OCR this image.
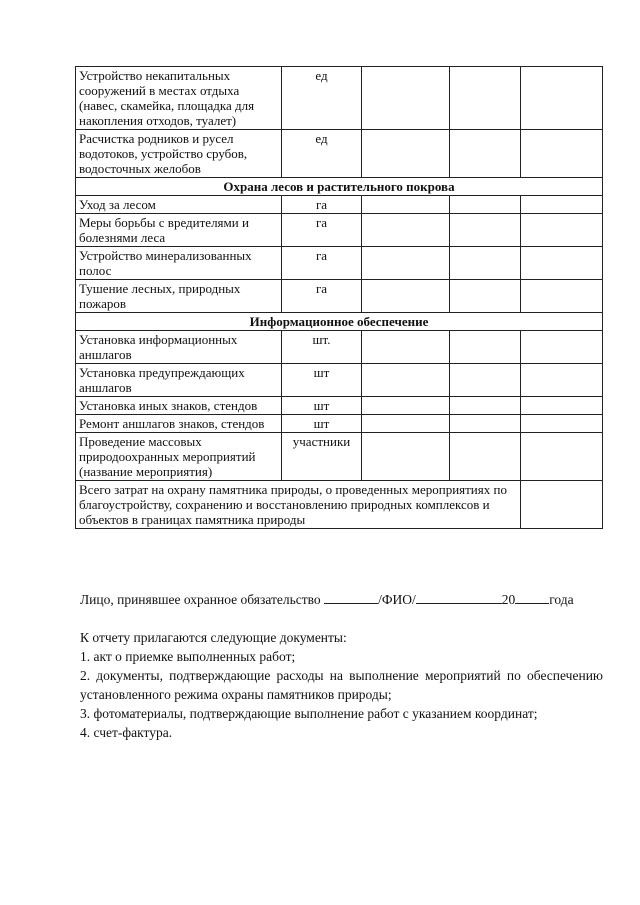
Устройство некапитальных сооружений в местах отдыха (навес, скамейка, площадка для накопления отходов, туалет)	ед			
Расчистка родников и русел водотоков, устройство срубов, водосточных желобов	ед			
Охрана лесов и растительного покрова				
Уход за лесом	га			
Меры борьбы с вредителями и болезнями леса	га			
Устройство минерализованных полос	га			
Тушение лесных, природных пожаров	га			
Информационное обеспечение				
Установка информационных аншлагов	шт.			
Установка предупреждающих аншлагов	шт			
Установка иных знаков, стендов	шт			
Ремонт аншлагов знаков, стендов	шт			
Проведение массовых природоохранных мероприятий (название мероприятия)	участники			
Всего затрат на охрану памятника природы, о проведенных мероприятиях по благоустройству, сохранению и восстановлению природных комплексов и объектов в границах памятника природы				
Лицо, принявшее охранное обязательство	/ФИО/	20	года

К отчету прилагаются следующие документы:

1. акт о приемке выполненных работ;

2. документы, подтверждающие расходы на выполнение мероприятий по обеспечению установленного режима охраны памятников природы;

3. фотоматериалы, подтверждающие выполнение работ с указанием координат;

4. счет-фактура.
